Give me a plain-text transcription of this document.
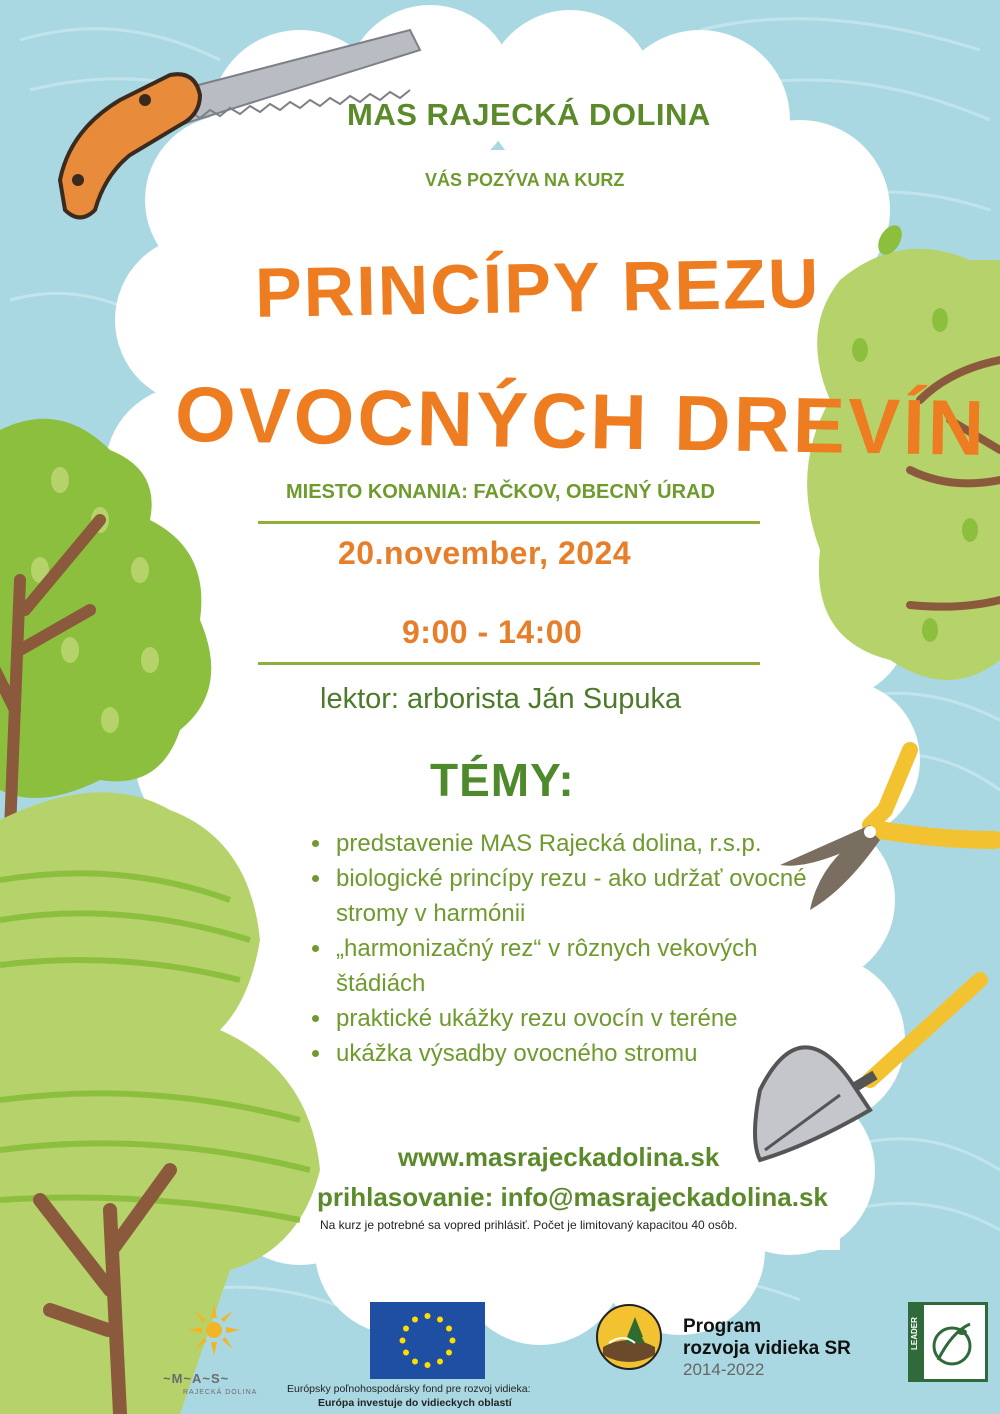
MAS RAJECKÁ DOLINA
VÁS POZÝVA NA KURZ
PRINCÍPY REZU
OVOCNÝCH DREVÍN
MIESTO KONANIA: FAČKOV, OBECNÝ ÚRAD
20.november, 2024
9:00 - 14:00
lektor: arborista Ján Supuka
TÉMY:
predstavenie MAS Rajecká dolina, r.s.p.
biologické princípy rezu - ako udržať ovocné stromy v harmónii
„harmonizačný rez“ v rôznych vekových štádiách
praktické ukážky rezu ovocín v teréne
ukážka výsadby ovocného stromu
www.masrajeckadolina.sk
prihlasovanie: info@masrajeckadolina.sk
Na kurz je potrebné sa vopred prihlásiť. Počet je limitovaný kapacitou 40 osôb.
~M~A~S~
RAJECKÁ DOLINA	Európsky poľnohospodársky fond pre rozvoj vidieka:
Európa investuje do vidieckych oblastí
Program
rozvoja vidieka SR
2014-2022
LEADER
